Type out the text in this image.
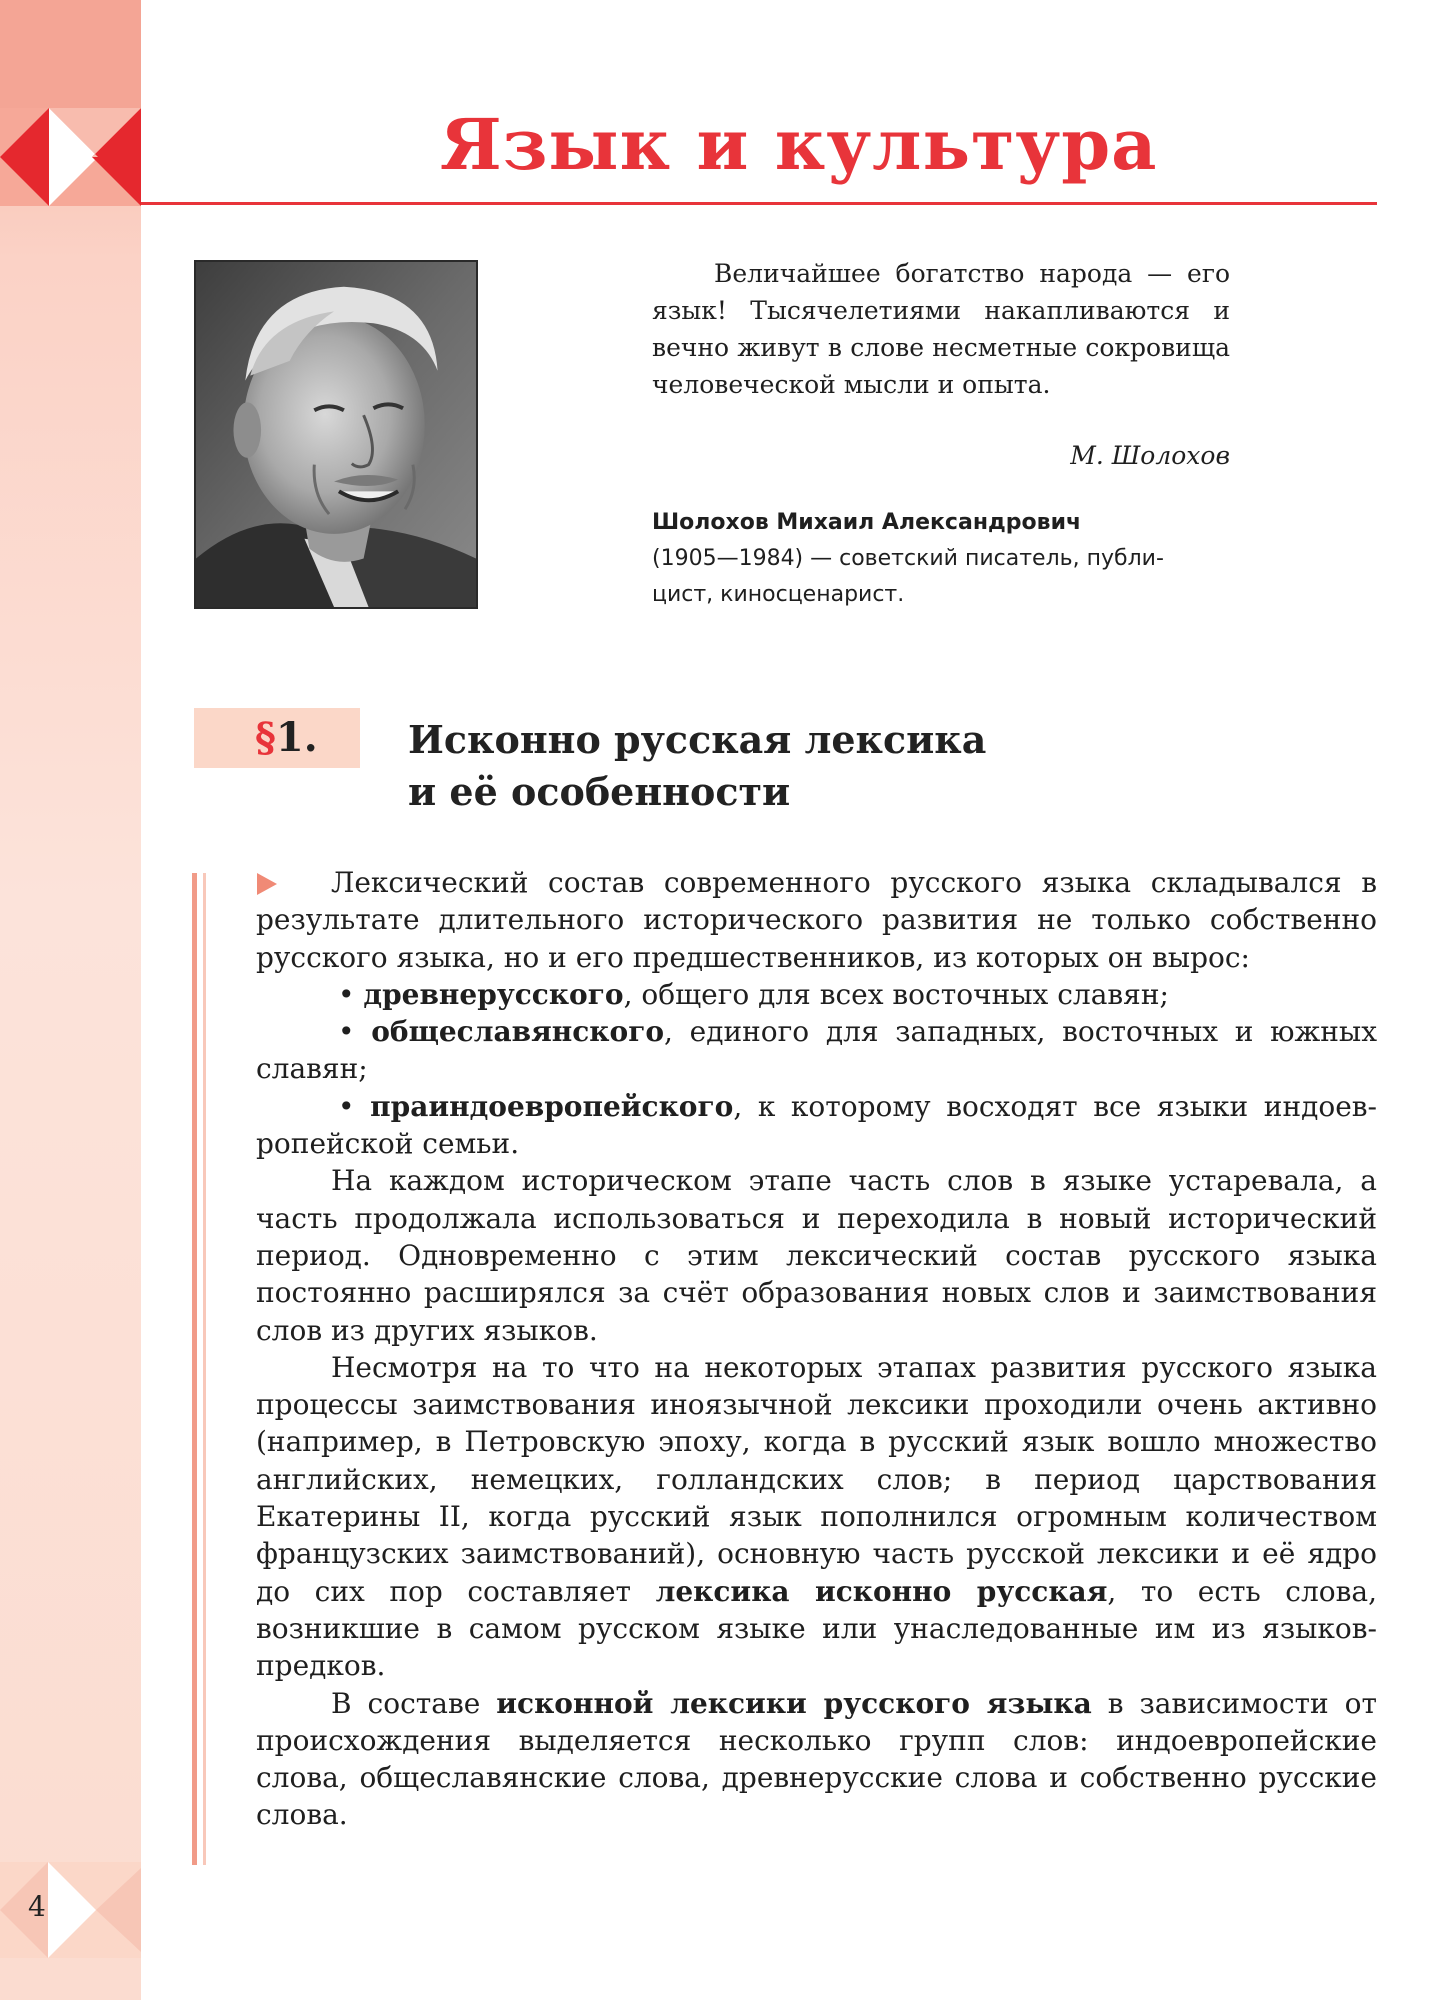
4
Язык и культура

Величайшее богатство народа — его язык! Тысячелетиями накапливаются и вечно живут в слове несметные сокровища человеческой мысли и опыта.

М. Шолохов
Шолохов Михаил Александрович
(1905—1984) — советский писатель, публицист, киносценарист.
§1.	Исконно русская лексика
и её особенности

Лексический состав современного русского языка складывался в результате длительного исторического развития не только собственно русского языка, но и его предшественников, из которых он вырос:

• древнерусского, общего для всех восточных славян;

• общеславянского, единого для западных, восточных и южных славян;

• праиндоевропейского, к которому восходят все языки индоевропейской семьи.

На каждом историческом этапе часть слов в языке устаревала, а часть продолжала использоваться и переходила в новый исторический период. Одновременно с этим лексический состав русского языка постоянно расширялся за счёт образования новых слов и заимствования слов из других языков.

Несмотря на то что на некоторых этапах развития русского языка процессы заимствования иноязычной лексики проходили очень активно (например, в Петровскую эпоху, когда в русский язык вошло множество английских, немецких, голландских слов; в период царствования Екатерины II, когда русский язык пополнился огромным количеством французских заимствований), основную часть русской лексики и её ядро до сих пор составляет лексика исконно русская, то есть слова, возникшие в самом русском языке или унаследованные им из языков-предков.

В составе исконной лексики русского языка в зависимости от происхождения выделяется несколько групп слов: индоевропейские слова, общеславянские слова, древнерусские слова и собственно русские слова.
